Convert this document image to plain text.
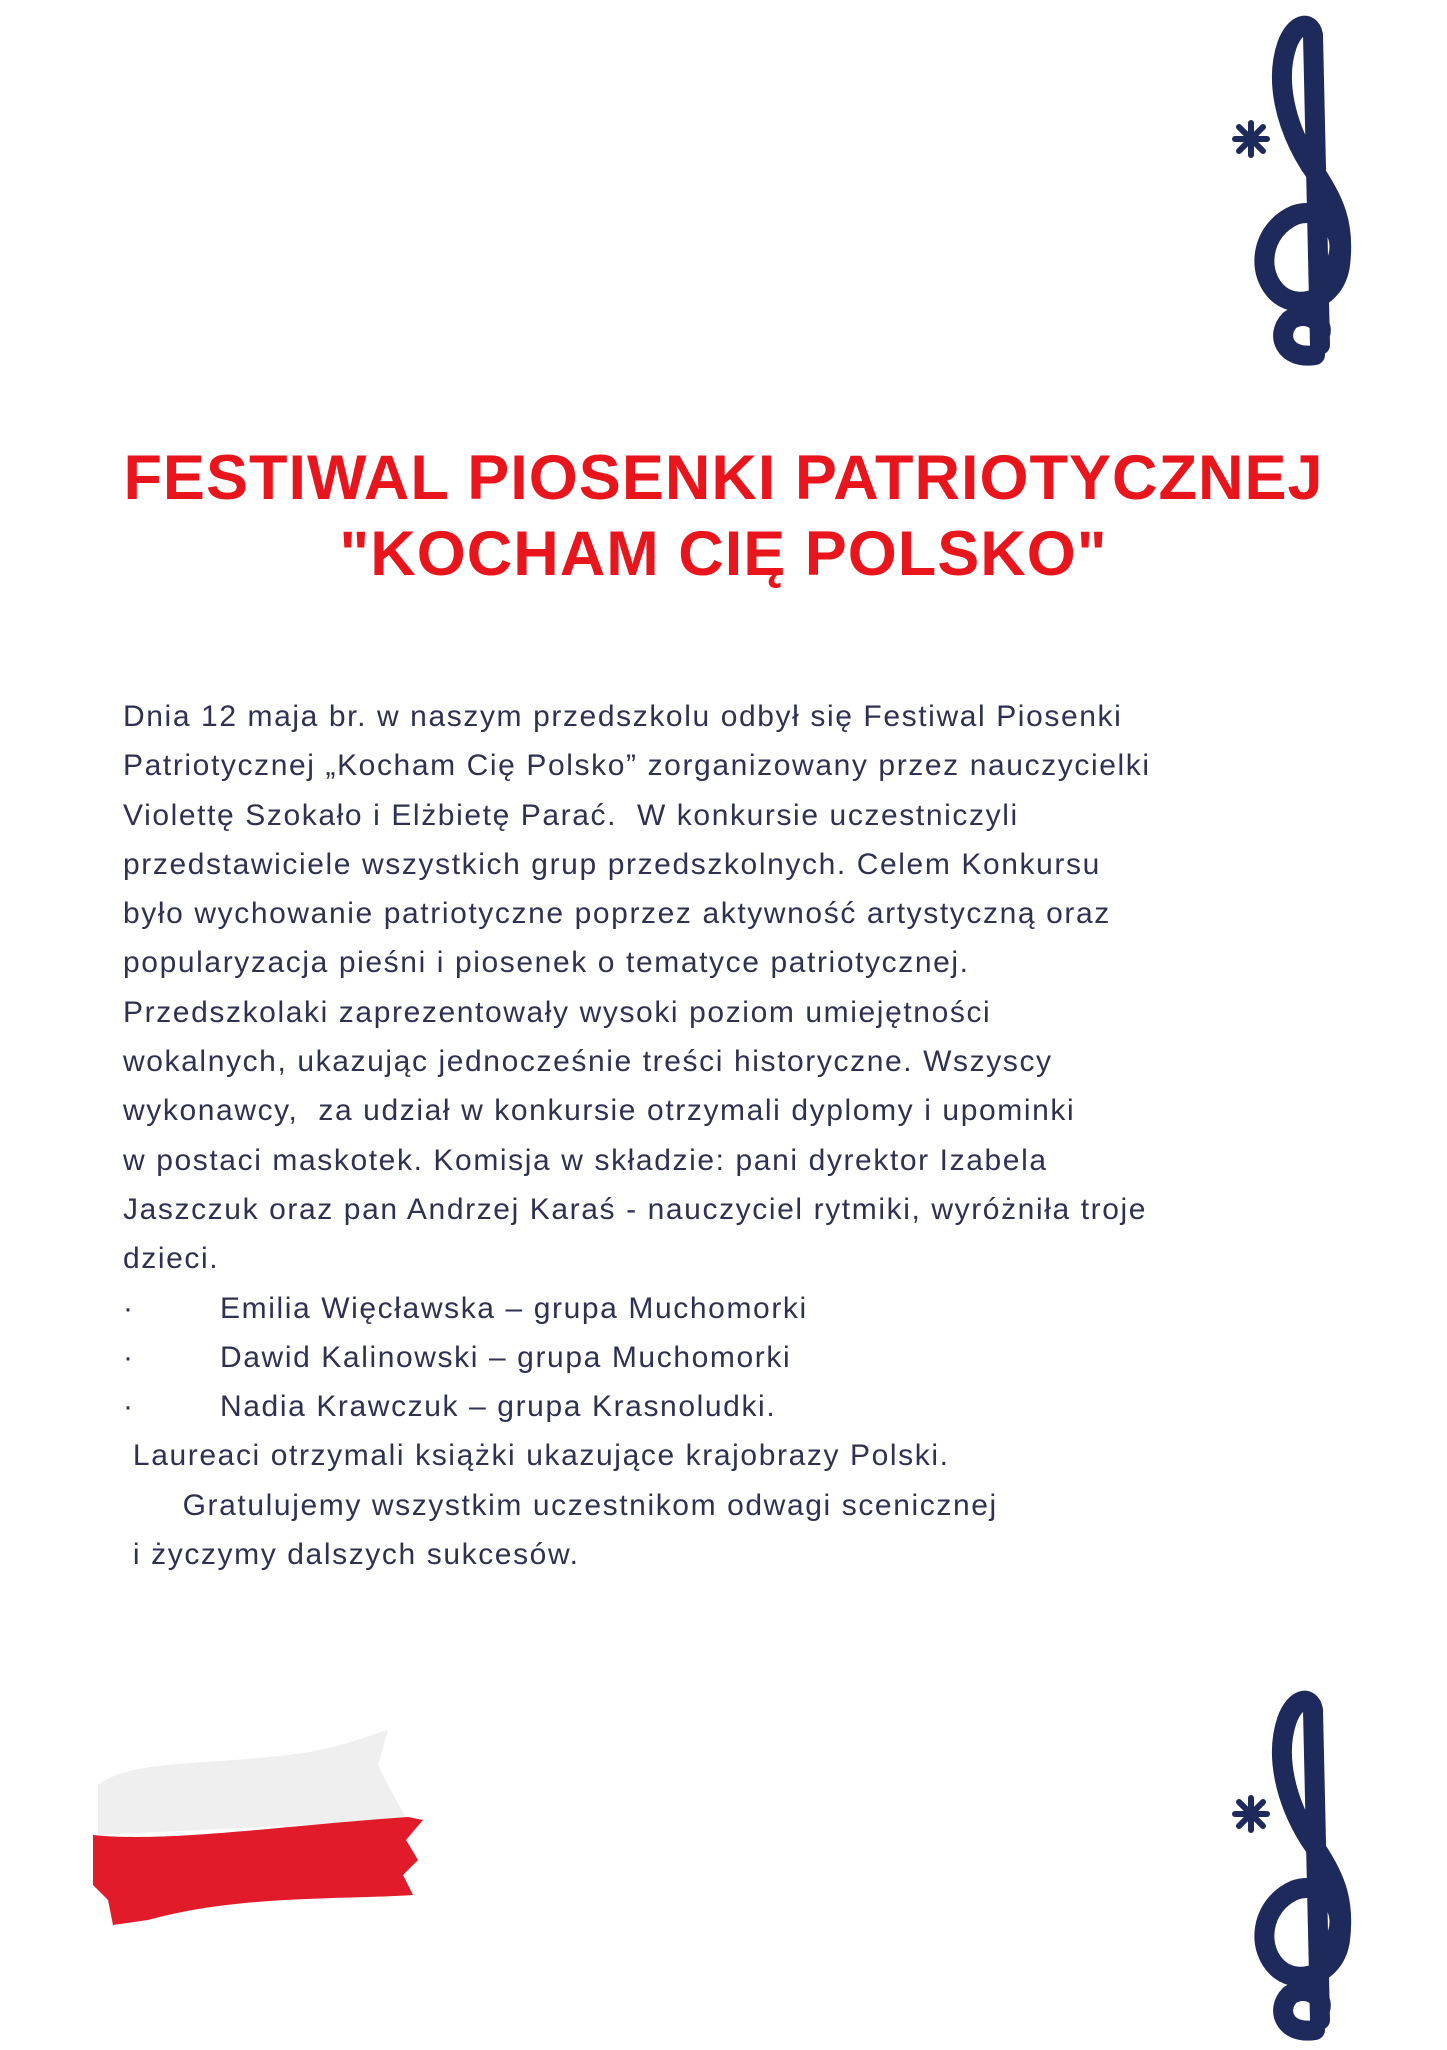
FESTIWAL PIOSENKI PATRIOTYCZNEJ
"KOCHAM CIĘ POLSKO"
Dnia 12 maja br. w naszym przedszkolu odbył się Festiwal Piosenki
Patriotycznej „Kocham Cię Polsko” zorganizowany przez nauczycielki
Violettę Szokało i Elżbietę Parać.  W konkursie uczestniczyli
przedstawiciele wszystkich grup przedszkolnych. Celem Konkursu
było wychowanie patriotyczne poprzez aktywność artystyczną oraz
popularyzacja pieśni i piosenek o tematyce patriotycznej.
Przedszkolaki zaprezentowały wysoki poziom umiejętności
wokalnych, ukazując jednocześnie treści historyczne. Wszyscy
wykonawcy,  za udział w konkursie otrzymali dyplomy i upominki
w postaci maskotek. Komisja w składzie: pani dyrektor Izabela
Jaszczuk oraz pan Andrzej Karaś - nauczyciel rytmiki, wyróżniła troje
dzieci.
·	Emilia Więcławska – grupa Muchomorki
·	Dawid Kalinowski – grupa Muchomorki
·	Nadia Krawczuk – grupa Krasnoludki.
Laureaci otrzymali książki ukazujące krajobrazy Polski.
Gratulujemy wszystkim uczestnikom odwagi scenicznej
i życzymy dalszych sukcesów.
